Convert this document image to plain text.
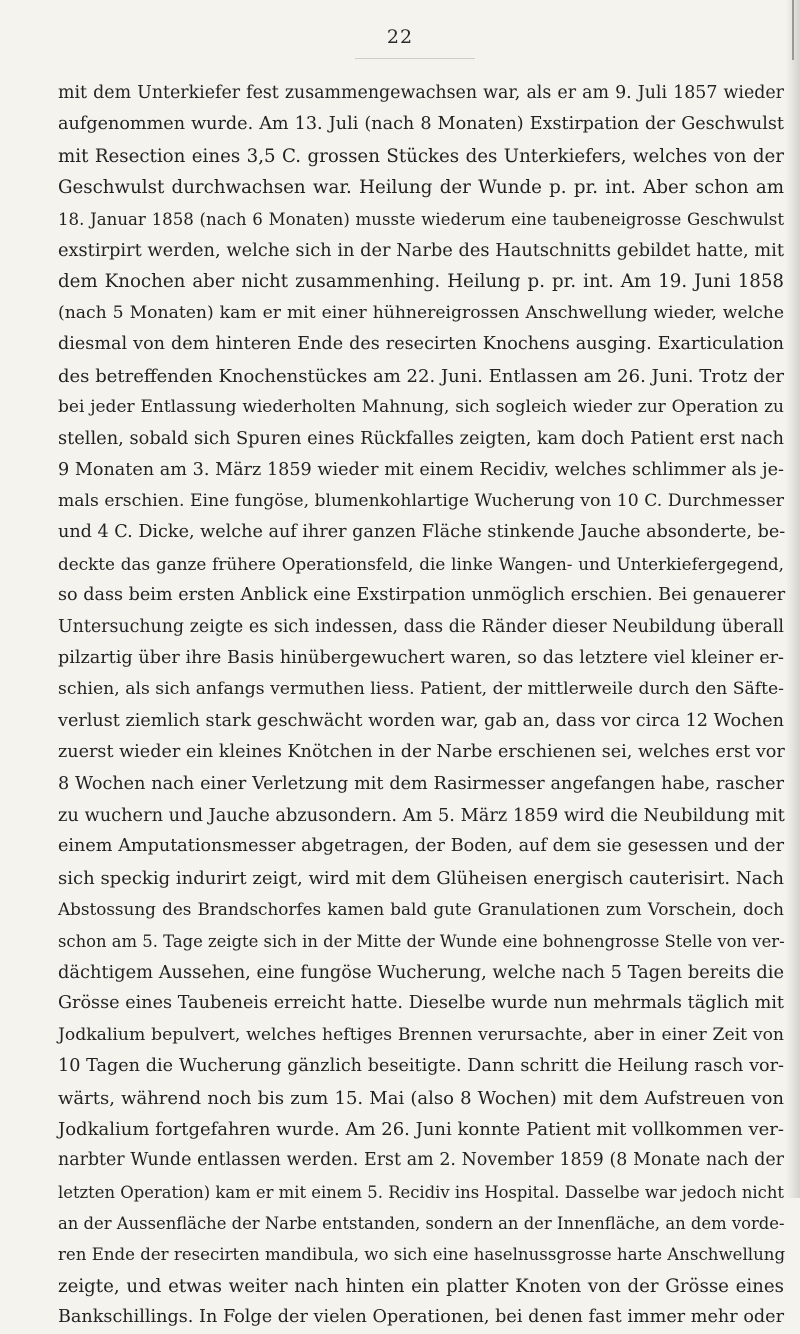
22
mit dem Unterkiefer fest zusammengewachsen war, als er am 9. Juli 1857 wieder
aufgenommen wurde. Am 13. Juli (nach 8 Monaten) Exstirpation der Geschwulst
mit Resection eines 3,5 C. grossen Stückes des Unterkiefers, welches von der
Geschwulst durchwachsen war. Heilung der Wunde p. pr. int. Aber schon am
18. Januar 1858 (nach 6 Monaten) musste wiederum eine taubeneigrosse Geschwulst
exstirpirt werden, welche sich in der Narbe des Hautschnitts gebildet hatte, mit
dem Knochen aber nicht zusammenhing. Heilung p. pr. int. Am 19. Juni 1858
(nach 5 Monaten) kam er mit einer hühnereigrossen Anschwellung wieder, welche
diesmal von dem hinteren Ende des resecirten Knochens ausging. Exarticulation
des betreffenden Knochenstückes am 22. Juni. Entlassen am 26. Juni. Trotz der
bei jeder Entlassung wiederholten Mahnung, sich sogleich wieder zur Operation zu
stellen, sobald sich Spuren eines Rückfalles zeigten, kam doch Patient erst nach
9 Monaten am 3. März 1859 wieder mit einem Recidiv, welches schlimmer als je-
mals erschien. Eine fungöse, blumenkohlartige Wucherung von 10 C. Durchmesser
und 4 C. Dicke, welche auf ihrer ganzen Fläche stinkende Jauche absonderte, be-
deckte das ganze frühere Operationsfeld, die linke Wangen- und Unterkiefergegend,
so dass beim ersten Anblick eine Exstirpation unmöglich erschien. Bei genauerer
Untersuchung zeigte es sich indessen, dass die Ränder dieser Neubildung überall
pilzartig über ihre Basis hinübergewuchert waren, so das letztere viel kleiner er-
schien, als sich anfangs vermuthen liess. Patient, der mittlerweile durch den Säfte-
verlust ziemlich stark geschwächt worden war, gab an, dass vor circa 12 Wochen
zuerst wieder ein kleines Knötchen in der Narbe erschienen sei, welches erst vor
8 Wochen nach einer Verletzung mit dem Rasirmesser angefangen habe, rascher
zu wuchern und Jauche abzusondern. Am 5. März 1859 wird die Neubildung mit
einem Amputationsmesser abgetragen, der Boden, auf dem sie gesessen und der
sich speckig indurirt zeigt, wird mit dem Glüheisen energisch cauterisirt. Nach
Abstossung des Brandschorfes kamen bald gute Granulationen zum Vorschein, doch
schon am 5. Tage zeigte sich in der Mitte der Wunde eine bohnengrosse Stelle von ver-
dächtigem Aussehen, eine fungöse Wucherung, welche nach 5 Tagen bereits die
Grösse eines Taubeneis erreicht hatte. Dieselbe wurde nun mehrmals täglich mit
Jodkalium bepulvert, welches heftiges Brennen verursachte, aber in einer Zeit von
10 Tagen die Wucherung gänzlich beseitigte. Dann schritt die Heilung rasch vor-
wärts, während noch bis zum 15. Mai (also 8 Wochen) mit dem Aufstreuen von
Jodkalium fortgefahren wurde. Am 26. Juni konnte Patient mit vollkommen ver-
narbter Wunde entlassen werden. Erst am 2. November 1859 (8 Monate nach der
letzten Operation) kam er mit einem 5. Recidiv ins Hospital. Dasselbe war jedoch nicht
an der Aussenfläche der Narbe entstanden, sondern an der Innenfläche, an dem vorde-
ren Ende der resecirten mandibula, wo sich eine haselnussgrosse harte Anschwellung
zeigte, und etwas weiter nach hinten ein platter Knoten von der Grösse eines
Bankschillings. In Folge der vielen Operationen, bei denen fast immer mehr oder
